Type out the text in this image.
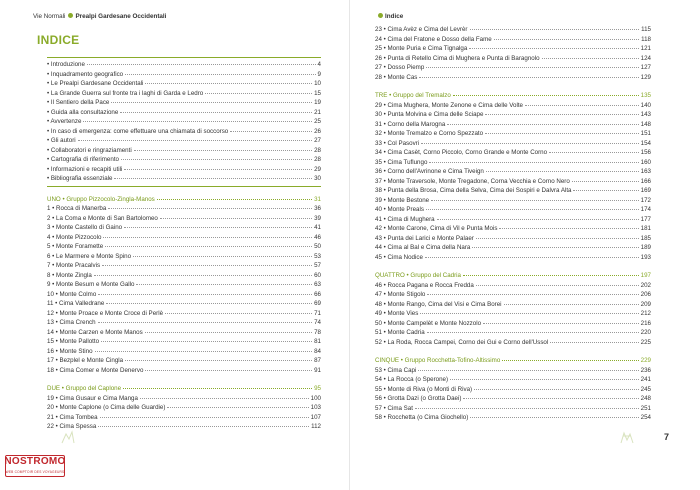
Vie Normali Prealpi Gardesane Occidentali
INDICE
• Introduzione	4
• Inquadramento geografico	9
• Le Prealpi Gardesane Occidentali	10
• La Grande Guerra sul fronte tra i laghi di Garda e Ledro	15
• Il Sentiero della Pace	19
• Guida alla consultazione	21
• Avvertenze	25
• In caso di emergenza: come effettuare una chiamata di soccorso	26
• Gli autori	27
• Collaboratori e ringraziamenti	28
• Cartografia di riferimento	28
• Informazioni e recapiti utili	29
• Bibliografia essenziale	30
UNO • Gruppo Pizzocolo-Zingla-Manos	31
1 • Rocca di Manerba	36
2 • La Coma e Monte di San Bartolomeo	39
3 • Monte Castello di Gaino	41
4 • Monte Pizzocolo	46
5 • Monte Foramette	50
6 • Le Marmere e Monte Spino	53
7 • Monte Pracalvis	57
8 • Monte Zingla	60
9 • Monte Besum e Monte Gallo	63
10 • Monte Colmo	66
11 • Cima Valledrane	69
12 • Monte Proace e Monte Croce di Perlè	71
13 • Cima Crench	74
14 • Monte Carzen e Monte Manos	78
15 • Monte Pallotto	81
16 • Monte Stino	84
17 • Bezplel e Monte Cingla	87
18 • Cima Comer e Monte Denervo	91
DUE • Gruppo del Caplone	95
19 • Cima Gusaur e Cima Manga	100
20 • Monte Caplone (o Cima delle Guardie)	103
21 • Cima Tombea	107
22 • Cima Spessa	112
NOSTROMO
WEB COMPTOIR DES VOYAGEURS
Indice
23 • Cima Avèz e Cima del Levrèr	115
24 • Cima del Fratone e Dosso della Fame	118
25 • Monte Puria e Cima Tignalga	121
26 • Punta di Retello Cima di Mughera e Punta di Baragnolo	124
27 • Dosso Piemp	127
28 • Monte Cas	129
TRE • Gruppo del Tremalzo	135
29 • Cima Mughera, Monte Zenone e Cima delle Volte	140
30 • Punta Molvina e Cima delle Sciape	143
31 • Corno della Marogna	148
32 • Monte Tremalzo e Corno Spezzato	151
33 • Col Pasovri	154
34 • Cima Casèt, Corno Piccolo, Corno Grande e Monte Corno	156
35 • Cima Tuflungo	160
36 • Corno dell'Avrinone e Cima Tiveign	163
37 • Monte Traversole, Monte Tregadone, Corna Vecchia e Corno Nero	166
38 • Punta della Brosa, Cima della Selva, Cima dei Sospiri e Dalvra Alta	169
39 • Monte Bestone	172
40 • Monte Preals	174
41 • Cima di Mughera	177
42 • Monte Carone, Cima di Vil e Punta Mois	181
43 • Punta dei Larici e Monte Palaer	185
44 • Cima al Bal e Cima della Nara	189
45 • Cima Nodice	193
QUATTRO • Gruppo del Cadria	197
46 • Rocca Pagana e Rocca Fredda	202
47 • Monte Stigolo	206
48 • Monte Rango, Cima del Visi e Cima Borei	209
49 • Monte Vies	212
50 • Monte Campelèt e Monte Nozzolo	216
51 • Monte Cadria	220
52 • La Roda, Rocca Campei, Corno dei Gui e Corno dell'Ussol	225
CINQUE • Gruppo Rocchetta-Tofino-Altissimo	229
53 • Cima Capi	236
54 • La Rocca (o Sperone)	241
55 • Monte di Riva (o Monti di Riva)	245
56 • Grotta Dazi (o Grotta Daei)	248
57 • Cima Sat	251
58 • Rocchetta (o Cima Giochello)	254
7
